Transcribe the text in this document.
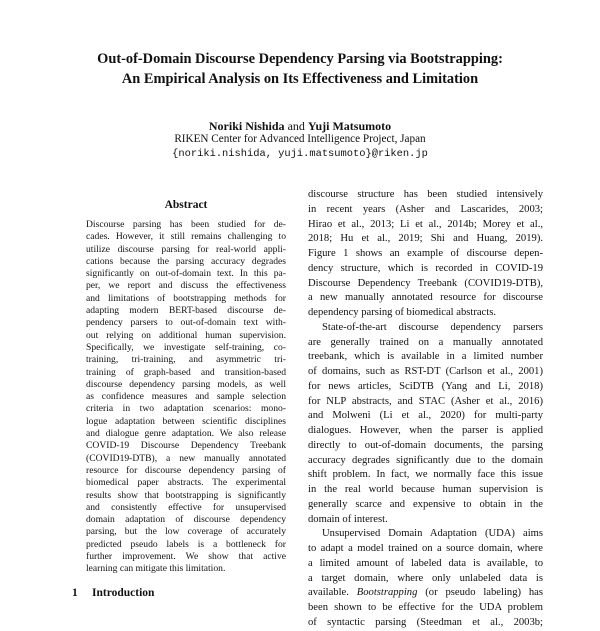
Out-of-Domain Discourse Dependency Parsing via Bootstrapping:
An Empirical Analysis on Its Effectiveness and Limitation
Noriki Nishida and Yuji Matsumoto
RIKEN Center for Advanced Intelligence Project, Japan
{noriki.nishida, yuji.matsumoto}@riken.jp
Abstract
Discourse parsing has been studied for de-
cades. However, it still remains challenging to
utilize discourse parsing for real-world appli-
cations because the parsing accuracy degrades
significantly on out-of-domain text. In this pa-
per, we report and discuss the effectiveness
and limitations of bootstrapping methods for
adapting modern BERT-based discourse de-
pendency parsers to out-of-domain text with-
out relying on additional human supervision.
Specifically, we investigate self-training, co-
training, tri-training, and asymmetric tri-
training of graph-based and transition-based
discourse dependency parsing models, as well
as confidence measures and sample selection
criteria in two adaptation scenarios: mono-
logue adaptation between scientific disciplines
and dialogue genre adaptation. We also release
COVID-19 Discourse Dependency Treebank
(COVID19-DTB), a new manually annotated
resource for discourse dependency parsing of
biomedical paper abstracts. The experimental
results show that bootstrapping is significantly
and consistently effective for unsupervised
domain adaptation of discourse dependency
parsing, but the low coverage of accurately
predicted pseudo labels is a bottleneck for
further improvement. We show that active
learning can mitigate this limitation.
1 Introduction
discourse structure has been studied intensively
in recent years (Asher and Lascarides, 2003;
Hirao et al., 2013; Li et al., 2014b; Morey et al.,
2018; Hu et al., 2019; Shi and Huang, 2019).
Figure 1 shows an example of discourse depen-
dency structure, which is recorded in COVID-19
Discourse Dependency Treebank (COVID19-DTB),
a new manually annotated resource for discourse
dependency parsing of biomedical abstracts.
State-of-the-art discourse dependency parsers
are generally trained on a manually annotated
treebank, which is available in a limited number
of domains, such as RST-DT (Carlson et al., 2001)
for news articles, SciDTB (Yang and Li, 2018)
for NLP abstracts, and STAC (Asher et al., 2016)
and Molweni (Li et al., 2020) for multi-party
dialogues. However, when the parser is applied
directly to out-of-domain documents, the parsing
accuracy degrades significantly due to the domain
shift problem. In fact, we normally face this issue
in the real world because human supervision is
generally scarce and expensive to obtain in the
domain of interest.
Unsupervised Domain Adaptation (UDA) aims
to adapt a model trained on a source domain, where
a limited amount of labeled data is available, to
a target domain, where only unlabeled data is
available. Bootstrapping (or pseudo labeling) has
been shown to be effective for the UDA problem
of syntactic parsing (Steedman et al., 2003b;
